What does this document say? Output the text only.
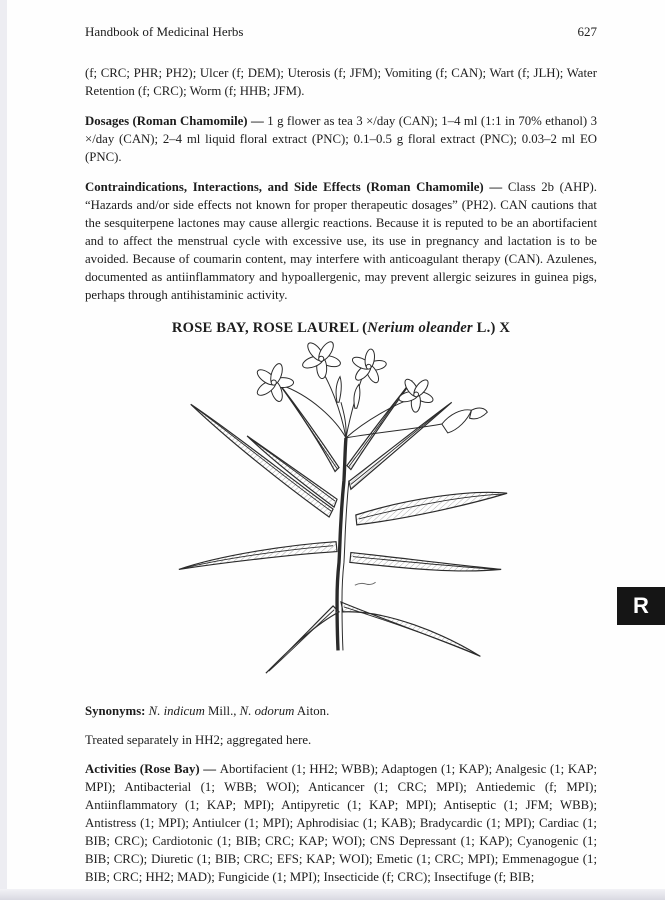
Handbook of Medicinal Herbs	627

(f; CRC; PHR; PH2); Ulcer (f; DEM); Uterosis (f; JFM); Vomiting (f; CAN); Wart (f; JLH); Water Retention (f; CRC); Worm (f; HHB; JFM).

Dosages (Roman Chamomile) — 1 g flower as tea 3 ×/day (CAN); 1–4 ml (1:1 in 70% ethanol) 3 ×/day (CAN); 2–4 ml liquid floral extract (PNC); 0.1–0.5 g floral extract (PNC); 0.03–2 ml EO (PNC).

Contraindications, Interactions, and Side Effects (Roman Chamomile) — Class 2b (AHP). “Hazards and/or side effects not known for proper therapeutic dosages” (PH2). CAN cautions that the sesquiterpene lactones may cause allergic reactions. Because it is reputed to be an abortifacient and to affect the menstrual cycle with excessive use, its use in pregnancy and lactation is to be avoided. Because of coumarin content, may interfere with anticoagulant therapy (CAN). Azulenes, documented as antiinflammatory and hypoallergenic, may prevent allergic seizures in guinea pigs, perhaps through antihistaminic activity.

ROSE BAY, ROSE LAUREL (Nerium oleander L.) X

Synonyms: N. indicum Mill., N. odorum Aiton.

Treated separately in HH2; aggregated here.

Activities (Rose Bay) — Abortifacient (1; HH2; WBB); Adaptogen (1; KAP); Analgesic (1; KAP; MPI); Antibacterial (1; WBB; WOI); Anticancer (1; CRC; MPI); Antiedemic (f; MPI); Antiinflammatory (1; KAP; MPI); Antipyretic (1; KAP; MPI); Antiseptic (1; JFM; WBB); Antistress (1; MPI); Antiulcer (1; MPI); Aphrodisiac (1; KAB); Bradycardic (1; MPI); Cardiac (1; BIB; CRC); Cardiotonic (1; BIB; CRC; KAP; WOI); CNS Depressant (1; KAP); Cyanogenic (1; BIB; CRC); Diuretic (1; BIB; CRC; EFS; KAP; WOI); Emetic (1; CRC; MPI); Emmenagogue (1; BIB; CRC; HH2; MAD); Fungicide (1; MPI); Insecticide (f; CRC); Insectifuge (f; BIB;

R
